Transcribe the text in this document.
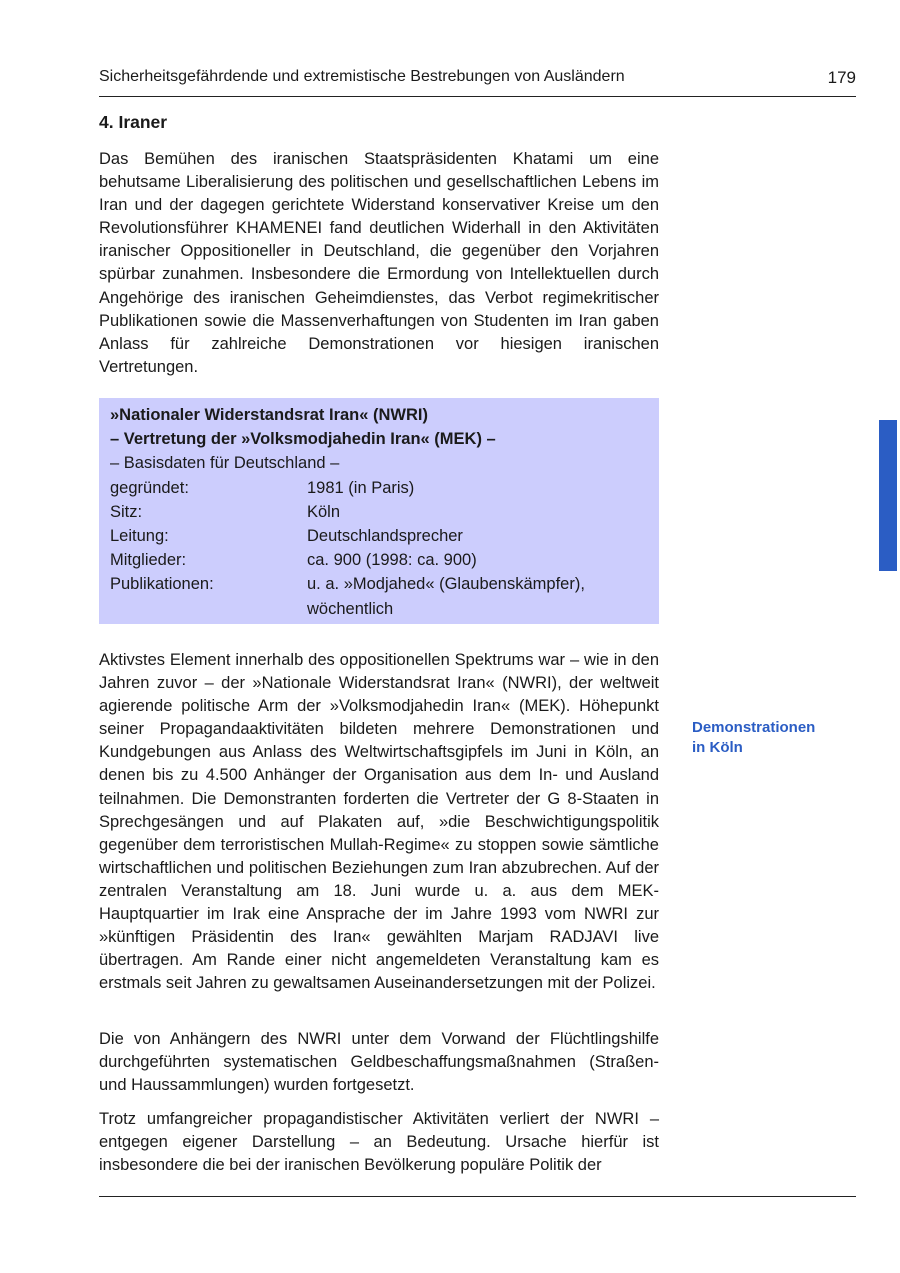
Sicherheitsgefährdende und extremistische Bestrebungen von Ausländern	179
4. Iraner

Das Bemühen des iranischen Staatspräsidenten Khatami um eine behutsame Liberalisierung des politischen und gesellschaftlichen Lebens im Iran und der dagegen gerichtete Widerstand konservativer Kreise um den Revolutionsführer KHAMENEI fand deutlichen Widerhall in den Aktivitäten iranischer Oppositioneller in Deutschland, die gegenüber den Vorjahren spürbar zunahmen. Insbesondere die Ermordung von Intellektuellen durch Angehörige des iranischen Geheimdienstes, das Verbot regimekritischer Publikationen sowie die Massenverhaftungen von Studenten im Iran gaben Anlass für zahlreiche Demonstrationen vor hiesigen iranischen Vertretungen.

»Nationaler Widerstandsrat Iran« (NWRI)
– Vertretung der »Volksmodjahedin Iran« (MEK) –
– Basisdaten für Deutschland –
gegründet:	1981 (in Paris)
Sitz:	Köln
Leitung:	Deutschlandsprecher
Mitglieder:	ca. 900 (1998: ca. 900)
Publikationen:	u. a. »Modjahed« (Glaubenskämpfer), wöchentlich

Aktivstes Element innerhalb des oppositionellen Spektrums war – wie in den Jahren zuvor – der »Nationale Widerstandsrat Iran« (NWRI), der weltweit agierende politische Arm der »Volksmodjahedin Iran« (MEK). Höhepunkt seiner Propagandaaktivitäten bildeten mehrere Demonstrationen und Kundgebungen aus Anlass des Weltwirtschaftsgipfels im Juni in Köln, an denen bis zu 4.500 Anhänger der Organisation aus dem In- und Ausland teilnahmen. Die Demonstranten forderten die Vertreter der G 8-Staaten in Sprechgesängen und auf Plakaten auf, »die Beschwichtigungspolitik gegenüber dem terroristischen Mullah-Regime« zu stoppen sowie sämtliche wirtschaftlichen und politischen Beziehungen zum Iran abzubrechen. Auf der zentralen Veranstaltung am 18. Juni wurde u. a. aus dem MEK-Hauptquartier im Irak eine Ansprache der im Jahre 1993 vom NWRI zur »künftigen Präsidentin des Iran« gewählten Marjam RADJAVI live übertragen. Am Rande einer nicht angemeldeten Veranstaltung kam es erstmals seit Jahren zu gewaltsamen Auseinandersetzungen mit der Polizei.

Die von Anhängern des NWRI unter dem Vorwand der Flüchtlingshilfe durchgeführten systematischen Geldbeschaffungsmaßnahmen (Straßen- und Haussammlungen) wurden fortgesetzt.

Trotz umfangreicher propagandistischer Aktivitäten verliert der NWRI – entgegen eigener Darstellung – an Bedeutung. Ursache hierfür ist insbesondere die bei der iranischen Bevölkerung populäre Politik der

Demonstrationen
in Köln
